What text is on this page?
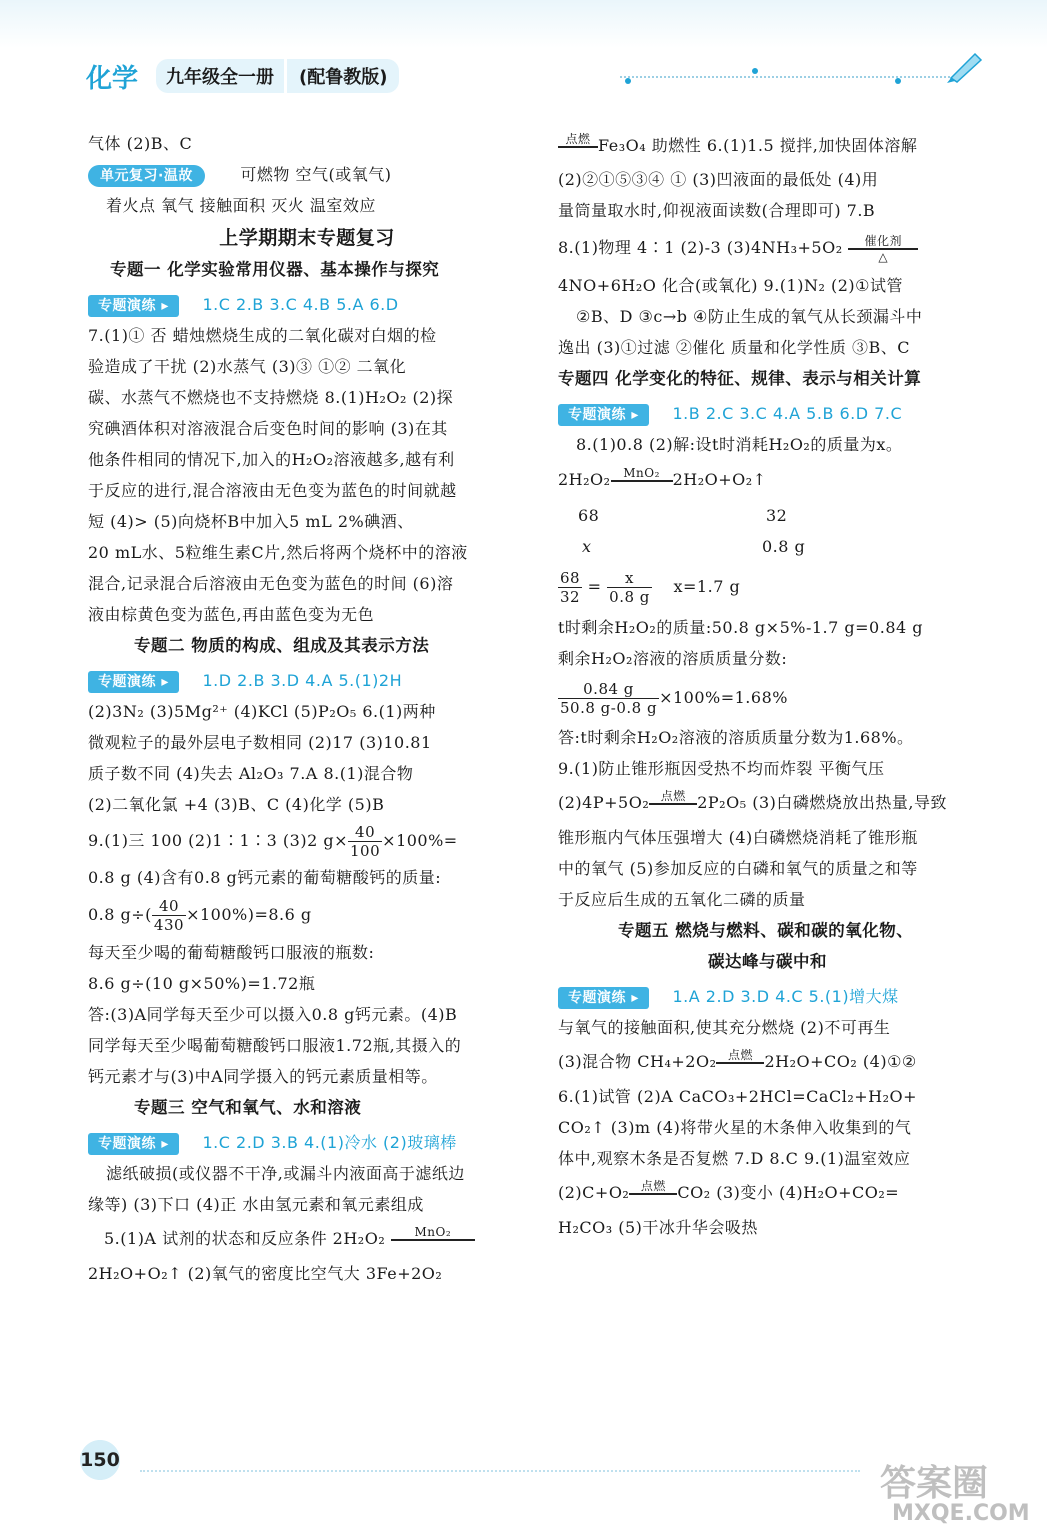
化学	九年级全一册	(配鲁教版)
气体 (2)B、C
单元复习·温故	可燃物 空气(或氧气)
着火点 氧气 接触面积 灭火 温室效应
上学期期末专题复习
专题一 化学实验常用仪器、基本操作与探究
专题演练 ▸ 1.C 2.B 3.C 4.B 5.A 6.D
7.(1)① 否 蜡烛燃烧生成的二氧化碳对白烟的检
验造成了干扰 (2)水蒸气 (3)③ ①② 二氧化
碳、水蒸气不燃烧也不支持燃烧 8.(1)H₂O₂ (2)探
究碘酒体积对溶液混合后变色时间的影响 (3)在其
他条件相同的情况下,加入的H₂O₂溶液越多,越有利
于反应的进行,混合溶液由无色变为蓝色的时间就越
短 (4)> (5)向烧杯B中加入5 mL 2%碘酒、
20 mL水、5粒维生素C片,然后将两个烧杯中的溶液
混合,记录混合后溶液由无色变为蓝色的时间 (6)溶
液由棕黄色变为蓝色,再由蓝色变为无色
专题二 物质的构成、组成及其表示方法
专题演练 ▸ 1.D 2.B 3.D 4.A 5.(1)2H
(2)3N₂ (3)5Mg²⁺ (4)KCl (5)P₂O₅ 6.(1)两种
微观粒子的最外层电子数相同 (2)17 (3)10.81
质子数不同 (4)失去 Al₂O₃ 7.A 8.(1)混合物
(2)二氧化氯 +4 (3)B、C (4)化学 (5)B
9.(1)三 100 (2)1∶1∶3 (3)2 $g\times \frac{40}{100} \times 100\%=$
0.8 g (4)含有0.8 g钙元素的葡萄糖酸钙的质量:
0.8 $g\div( \frac{40}{430} \times 100\%)=8.6$ g
每天至少喝的葡萄糖酸钙口服液的瓶数:
8.6 g÷(10 g×50%)=1.72瓶
答:(3)A同学每天至少可以摄入0.8 g钙元素。(4)B
同学每天至少喝葡萄糖酸钙口服液1.72瓶,其摄入的
钙元素才与(3)中A同学摄入的钙元素质量相等。
专题三 空气和氧气、水和溶液
专题演练 ▸ 1.C 2.D 3.B 4.(1)冷水 (2)玻璃棒
滤纸破损(或仪器不干净,或漏斗内液面高于滤纸边
缘等) (3)下口 (4)正 水由氢元素和氧元素组成
5.(1)A 试剂的状态和反应条件 2H₂O₂	MnO₂
2H₂O+O₂↑ (2)氧气的密度比空气大 3Fe+2O₂
点燃 Fe₃O₄ 助燃性 6.(1)1.5 搅拌,加快固体溶解
(2)②①⑤③④ ① (3)凹液面的最低处 (4)用
量筒量取水时,仰视液面读数(合理即可) 7.B
8.(1)物理 4∶1 (2)-3 (3)4NH₃+5O₂	催化剂
△
4NO+6H₂O 化合(或氧化) 9.(1)N₂ (2)①试管
②B、D ③c→b ④防止生成的氧气从长颈漏斗中
逸出 (3)①过滤 ②催化 质量和化学性质 ③B、C
专题四 化学变化的特征、规律、表示与相关计算
专题演练 ▸ 1.B 2.C 3.C 4.A 5.B 6.D 7.C
8.(1)0.8 (2)解:设t时消耗H₂O₂的质量为x。
2H₂O₂	MnO₂ 2H₂O+O₂↑
68	32
x	0.8 g
$\frac{68}{32} = \frac{x}{0.8 g} x=1.7$ g
t时剩余H₂O₂的质量:50.8 g×5%-1.7 g=0.84 g
剩余H₂O₂溶液的溶质质量分数:
$\frac{0.84 g}{50.8 g-0.8 g} \times 100\%=1.68\%$
答:t时剩余H₂O₂溶液的溶质质量分数为1.68%。
9.(1)防止锥形瓶因受热不均而炸裂 平衡气压
(2)4P+5O₂ 点燃 2P₂O₅ (3)白磷燃烧放出热量,导致
锥形瓶内气体压强增大 (4)白磷燃烧消耗了锥形瓶
中的氧气 (5)参加反应的白磷和氧气的质量之和等
于反应后生成的五氧化二磷的质量
专题五 燃烧与燃料、碳和碳的氧化物、
碳达峰与碳中和
专题演练 ▸ 1.A 2.D 3.D 4.C 5.(1)增大煤
与氧气的接触面积,使其充分燃烧 (2)不可再生
(3)混合物 CH₄+2O₂ 点燃 2H₂O+CO₂ (4)①②
6.(1)试管 (2)A CaCO₃+2HCl=CaCl₂+H₂O+
CO₂↑ (3)m (4)将带火星的木条伸入收集到的气
体中,观察木条是否复燃 7.D 8.C 9.(1)温室效应
(2)C+O₂ 点燃 CO₂ (3)变小 (4)H₂O+CO₂=
H₂CO₃ (5)干冰升华会吸热
150
答案圈
MXQE.COM
